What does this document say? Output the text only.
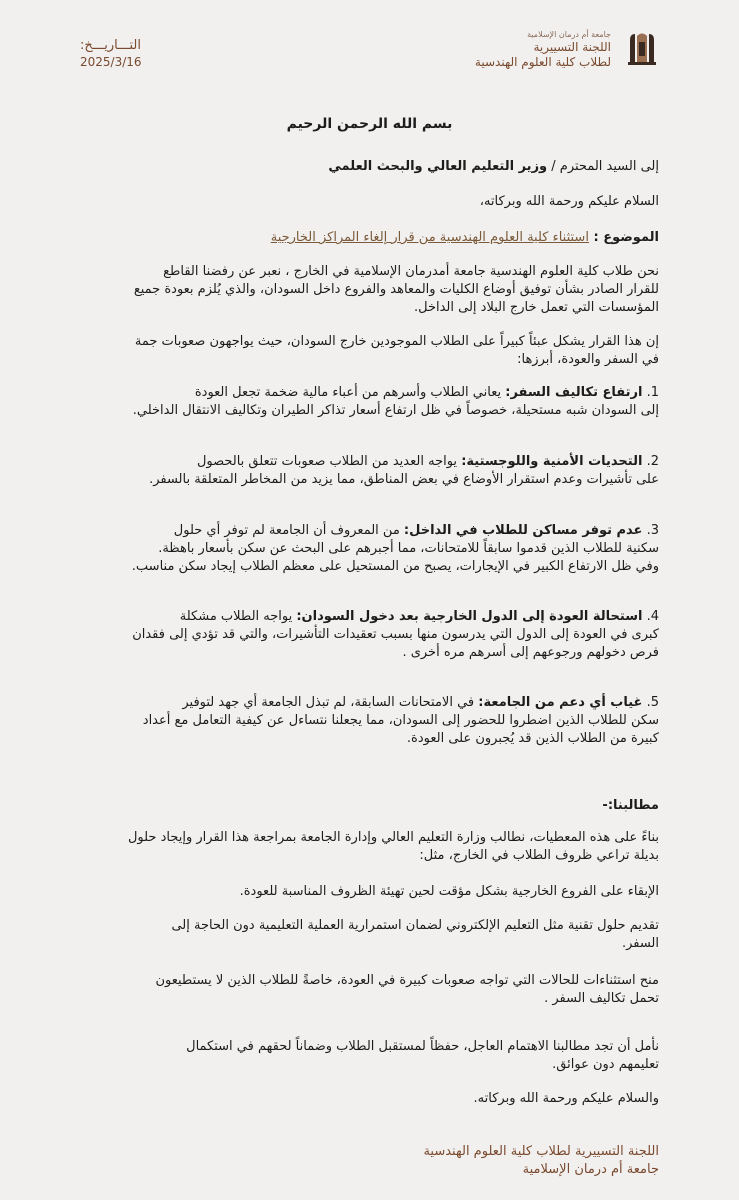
جامعة أم درمان الإسلامية
اللجنة التسييرية
لطلاب كلية العلوم الهندسية
التـــاريـــخ:
2025/3/16
بسم الله الرحمن الرحيم
إلى السيد المحترم / وزير التعليم العالي والبحث العلمي
السلام عليكم ورحمة الله وبركاته،
الموضوع : استثناء كلية العلوم الهندسية من قرار إلغاء المراكز الخارجية
نحن طلاب كلية العلوم الهندسية جامعة أمدرمان الإسلامية في الخارج ، نعبر عن رفضنا القاطع
للقرار الصادر بشأن توفيق أوضاع الكليات والمعاهد والفروع داخل السودان، والذي يُلزم بعودة جميع
المؤسسات التي تعمل خارج البلاد إلى الداخل.
إن هذا القرار يشكل عبئاً كبيراً على الطلاب الموجودين خارج السودان، حيث يواجهون صعوبات جمة
في السفر والعودة، أبرزها:
1. ارتفاع تكاليف السفر: يعاني الطلاب وأسرهم من أعباء مالية ضخمة تجعل العودة
إلى السودان شبه مستحيلة، خصوصاً في ظل ارتفاع أسعار تذاكر الطيران وتكاليف الانتقال الداخلي.
2. التحديات الأمنية واللوجستية: يواجه العديد من الطلاب صعوبات تتعلق بالحصول
على تأشيرات وعدم استقرار الأوضاع في بعض المناطق، مما يزيد من المخاطر المتعلقة بالسفر.
3. عدم توفر مساكن للطلاب في الداخل: من المعروف أن الجامعة لم توفر أي حلول
سكنية للطلاب الذين قدموا سابقاً للامتحانات، مما أجبرهم على البحث عن سكن بأسعار باهظة.
وفي ظل الارتفاع الكبير في الإيجارات، يصبح من المستحيل على معظم الطلاب إيجاد سكن مناسب.
4. استحالة العودة إلى الدول الخارجية بعد دخول السودان: يواجه الطلاب مشكلة
كبرى في العودة إلى الدول التي يدرسون منها بسبب تعقيدات التأشيرات، والتي قد تؤدي إلى فقدان
فرص دخولهم ورجوعهم إلى أسرهم مره أخرى .
5. غياب أي دعم من الجامعة: في الامتحانات السابقة، لم تبذل الجامعة أي جهد لتوفير
سكن للطلاب الذين اضطروا للحضور إلى السودان، مما يجعلنا نتساءل عن كيفية التعامل مع أعداد
كبيرة من الطلاب الذين قد يُجبرون على العودة.
مطالبنا:-
بناءً على هذه المعطيات، نطالب وزارة التعليم العالي وإدارة الجامعة بمراجعة هذا القرار وإيجاد حلول
بديلة تراعي ظروف الطلاب في الخارج، مثل:
الإبقاء على الفروع الخارجية بشكل مؤقت لحين تهيئة الظروف المناسبة للعودة.
تقديم حلول تقنية مثل التعليم الإلكتروني لضمان استمرارية العملية التعليمية دون الحاجة إلى
السفر.
منح استثناءات للحالات التي تواجه صعوبات كبيرة في العودة، خاصةً للطلاب الذين لا يستطيعون
تحمل تكاليف السفر .
نأمل أن تجد مطالبنا الاهتمام العاجل، حفظاً لمستقبل الطلاب وضماناً لحقهم في استكمال
تعليمهم دون عوائق.
والسلام عليكم ورحمة الله وبركاته.
اللجنة التسييرية لطلاب كلية العلوم الهندسية
جامعة أم درمان الإسلامية
